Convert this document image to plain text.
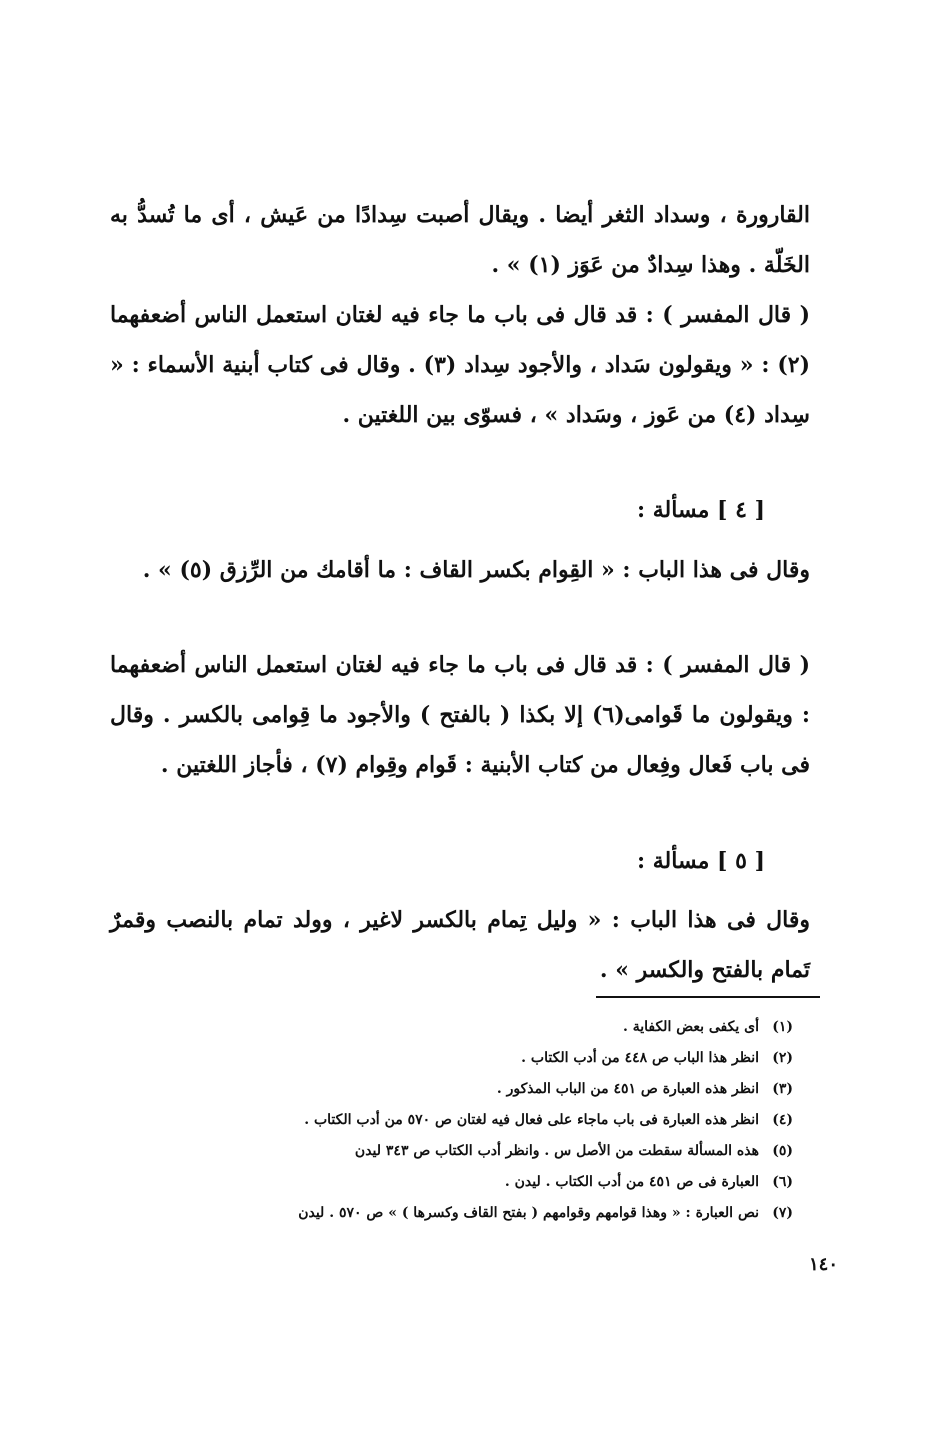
القارورة ، وسداد الثغر أيضا . ويقال أصبت سِدادًا من عَيش ، أى ما تُسدُّ به الخَلّة . وهذا سِدادٌ من عَوَز (١) » .
( قال المفسر ) : قد قال فى باب ما جاء فيه لغتان استعمل الناس أضعفهما (٢) : « ويقولون سَداد ، والأجود سِداد (٣) . وقال فى كتاب أبنية الأسماء : « سِداد (٤) من عَوز ، وسَداد » ، فسوّى بين اللغتين .
[ ٤ ] مسألة :
وقال فى هذا الباب : « القِوام بكسر القاف : ما أقامك من الرِّزق (٥) » .
( قال المفسر ) : قد قال فى باب ما جاء فيه لغتان استعمل الناس أضعفهما : ويقولون ما قَوامى(٦) إلا بكذا ( بالفتح ) والأجود ما قِوامى بالكسر . وقال فى باب فَعال وفِعال من كتاب الأبنية : قَوام وقِوام (٧) ، فأجاز اللغتين .
[ ٥ ] مسألة :
وقال فى هذا الباب : « وليل تِمام بالكسر لاغير ، وولد تمام بالنصب وقمرٌ تَمام بالفتح والكسر » .
(١)
أى يكفى بعض الكفاية .
(٢)
انظر هذا الباب ص ٤٤٨ من أدب الكتاب .
(٣)
انظر هذه العبارة ص ٤٥١ من الباب المذكور .
(٤)
انظر هذه العبارة فى باب ماجاء على فعال فيه لغتان ص ٥٧٠ من أدب الكتاب .
(٥)
هذه المسألة سقطت من الأصل س . وانظر أدب الكتاب ص ٣٤٣ ليدن
(٦)
العبارة فى ص ٤٥١ من أدب الكتاب . ليدن .
(٧)
نص العبارة : « وهذا قوامهم وقوامهم ( بفتح القاف وكسرها ) » ص ٥٧٠ . ليدن
١٤٠
